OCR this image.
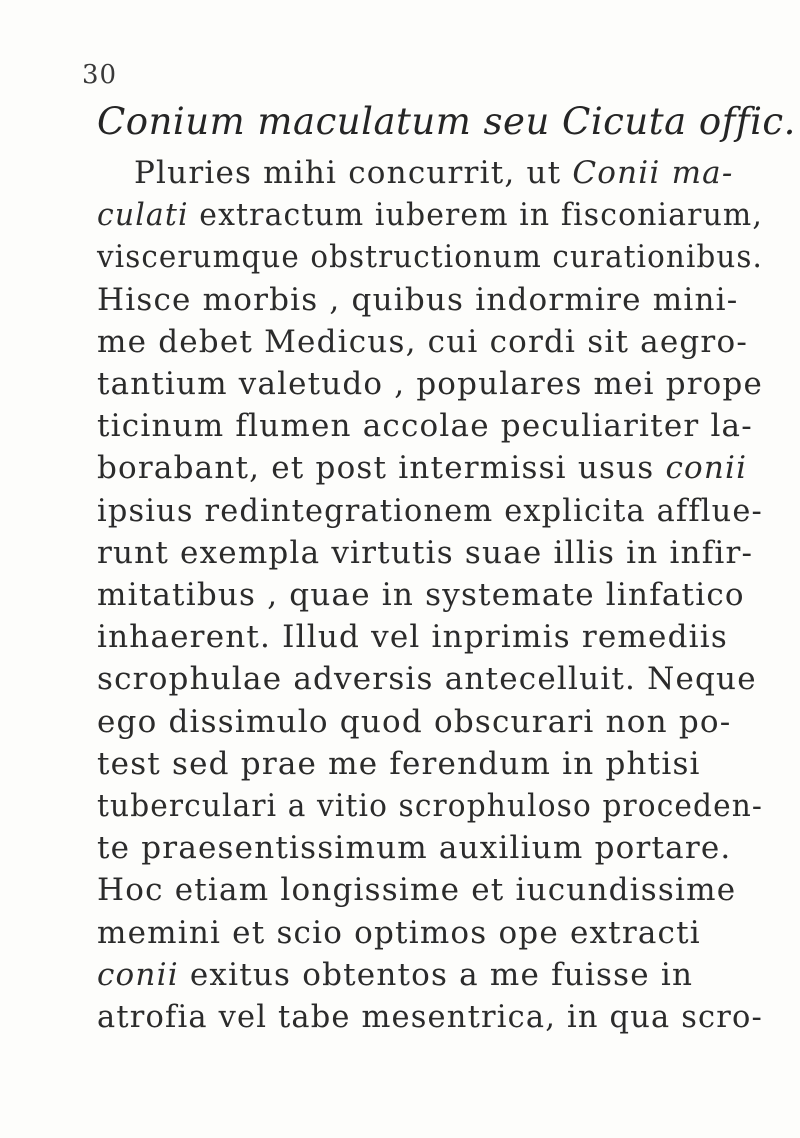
30
Conium maculatum seu Cicuta offic.
Pluries mihi concurrit, ut Conii ma-
culati extractum iuberem in fisconiarum,
viscerumque obstructionum curationibus.
Hisce morbis , quibus indormire mini-
me debet Medicus, cui cordi sit aegro-
tantium valetudo , populares mei prope
ticinum flumen accolae peculiariter la-
borabant, et post intermissi usus conii
ipsius redintegrationem explicita afflue-
runt exempla virtutis suae illis in infir-
mitatibus , quae in systemate linfatico
inhaerent. Illud vel inprimis remediis
scrophulae adversis antecelluit. Neque
ego dissimulo quod obscurari non po-
test sed prae me ferendum in phtisi
tuberculari a vitio scrophuloso proceden-
te praesentissimum auxilium portare.
Hoc etiam longissime et iucundissime
memini et scio optimos ope extracti
conii exitus obtentos a me fuisse in
atrofia vel tabe mesentrica, in qua scro-
